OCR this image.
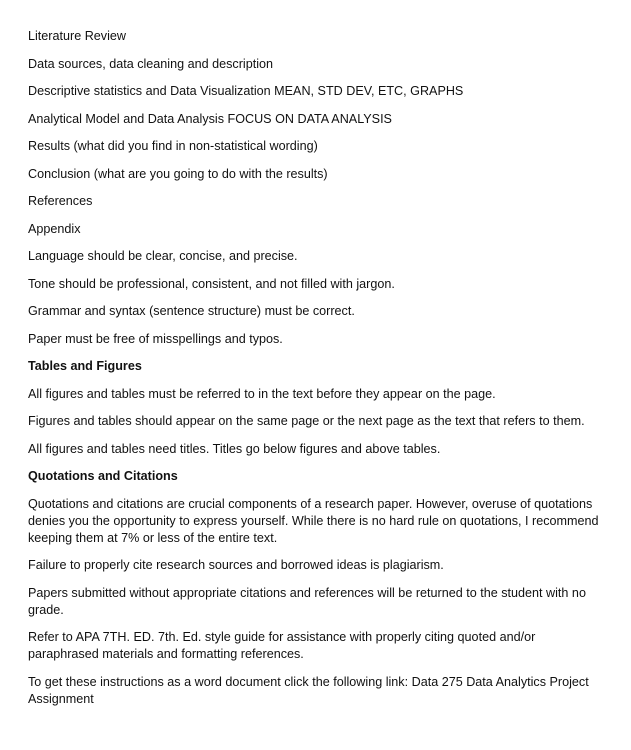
Literature Review

Data sources, data cleaning and description

Descriptive statistics and Data Visualization MEAN, STD DEV, ETC, GRAPHS

Analytical Model and Data Analysis FOCUS ON DATA ANALYSIS

Results (what did you find in non-statistical wording)

Conclusion (what are you going to do with the results)

References

Appendix

Language should be clear, concise, and precise.

Tone should be professional, consistent, and not filled with jargon.

Grammar and syntax (sentence structure) must be correct.

Paper must be free of misspellings and typos.

Tables and Figures

All figures and tables must be referred to in the text before they appear on the page.

Figures and tables should appear on the same page or the next page as the text that refers to them.

All figures and tables need titles. Titles go below figures and above tables.

Quotations and Citations

Quotations and citations are crucial components of a research paper. However, overuse of quotations denies you the opportunity to express yourself. While there is no hard rule on quotations, I recommend keeping them at 7% or less of the entire text.

Failure to properly cite research sources and borrowed ideas is plagiarism.

Papers submitted without appropriate citations and references will be returned to the student with no grade.

Refer to APA 7TH. ED. 7th. Ed. style guide for assistance with properly citing quoted and/or paraphrased materials and formatting references.

To get these instructions as a word document click the following link: Data 275 Data Analytics Project Assignment
